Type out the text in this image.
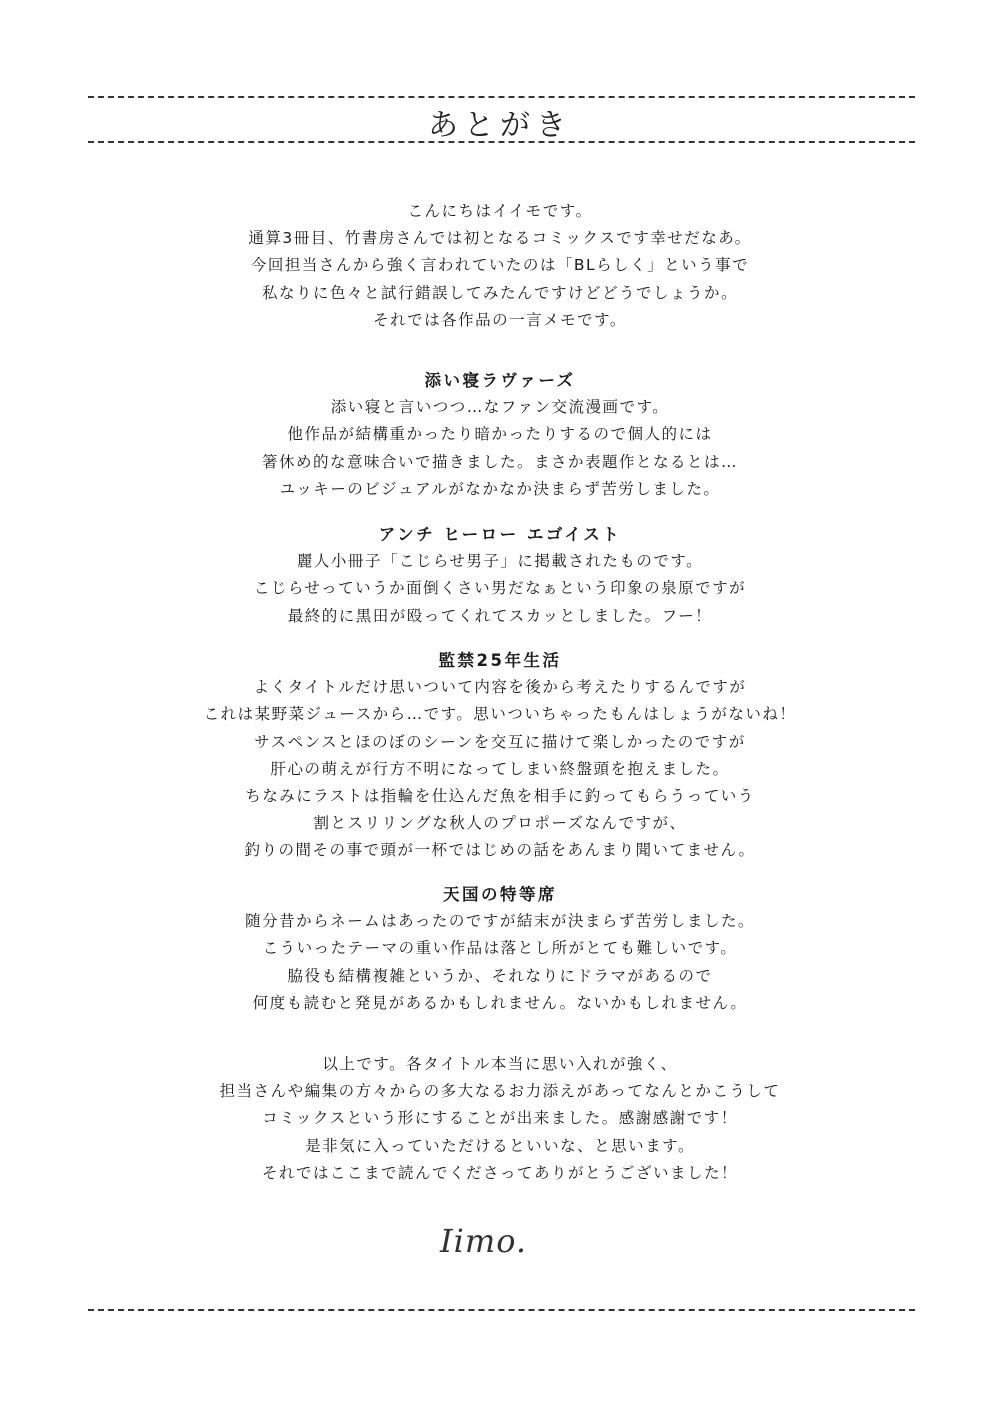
あとがき
こんにちはイイモです。
通算3冊目、竹書房さんでは初となるコミックスです幸せだなあ。
今回担当さんから強く言われていたのは「BLらしく」という事で
私なりに色々と試行錯誤してみたんですけどどうでしょうか。
それでは各作品の一言メモです。
添い寝ラヴァーズ
添い寝と言いつつ…なファン交流漫画です。
他作品が結構重かったり暗かったりするので個人的には
箸休め的な意味合いで描きました。まさか表題作となるとは…
ユッキーのビジュアルがなかなか決まらず苦労しました。
アンチ ヒーロー エゴイスト
麗人小冊子「こじらせ男子」に掲載されたものです。
こじらせっていうか面倒くさい男だなぁという印象の泉原ですが
最終的に黒田が殴ってくれてスカッとしました。フー！
監禁25年生活
よくタイトルだけ思いついて内容を後から考えたりするんですが
これは某野菜ジュースから…です。思いついちゃったもんはしょうがないね！
サスペンスとほのぼのシーンを交互に描けて楽しかったのですが
肝心の萌えが行方不明になってしまい終盤頭を抱えました。
ちなみにラストは指輪を仕込んだ魚を相手に釣ってもらうっていう
割とスリリングな秋人のプロポーズなんですが、
釣りの間その事で頭が一杯ではじめの話をあんまり聞いてません。
天国の特等席
随分昔からネームはあったのですが結末が決まらず苦労しました。
こういったテーマの重い作品は落とし所がとても難しいです。
脇役も結構複雑というか、それなりにドラマがあるので
何度も読むと発見があるかもしれません。ないかもしれません。
以上です。各タイトル本当に思い入れが強く、
担当さんや編集の方々からの多大なるお力添えがあってなんとかこうして
コミックスという形にすることが出来ました。感謝感謝です！
是非気に入っていただけるといいな、と思います。
それではここまで読んでくださってありがとうございました！
Iimo.
